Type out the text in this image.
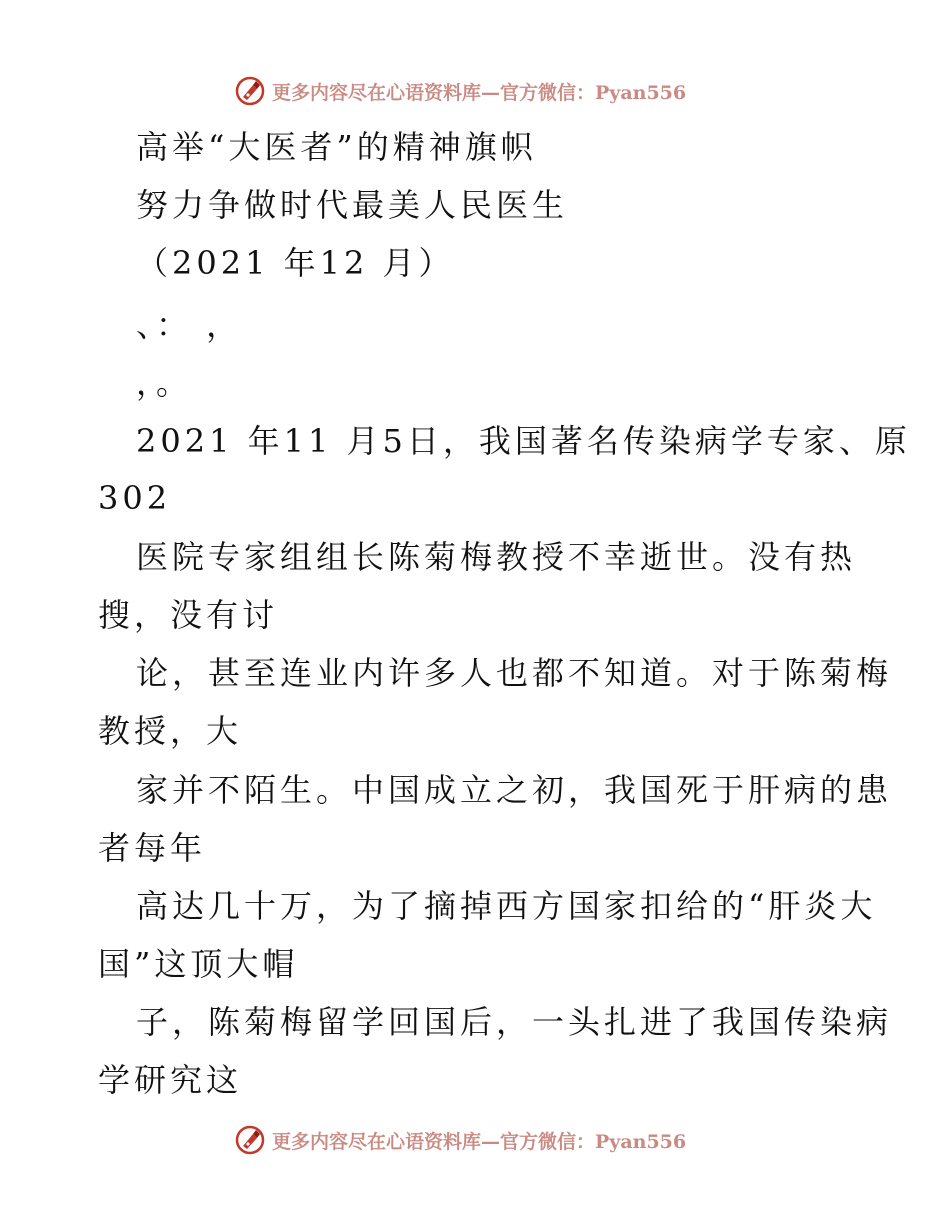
更多内容尽在心语资料库—官方微信：Pyan556
高举“大医者”的精神旗帜
努力争做时代最美人民医生
（2021 年12 月）
、： ，
，。
2021 年11 月5日，我国著名传染病学专家、原
302
医院专家组组长陈菊梅教授不幸逝世。没有热
搜，没有讨
论，甚至连业内许多人也都不知道。对于陈菊梅
教授，大
家并不陌生。中国成立之初，我国死于肝病的患
者每年
高达几十万，为了摘掉西方国家扣给的“肝炎大
国”这顶大帽
子，陈菊梅留学回国后，一头扎进了我国传染病
学研究这
更多内容尽在心语资料库—官方微信：Pyan556
